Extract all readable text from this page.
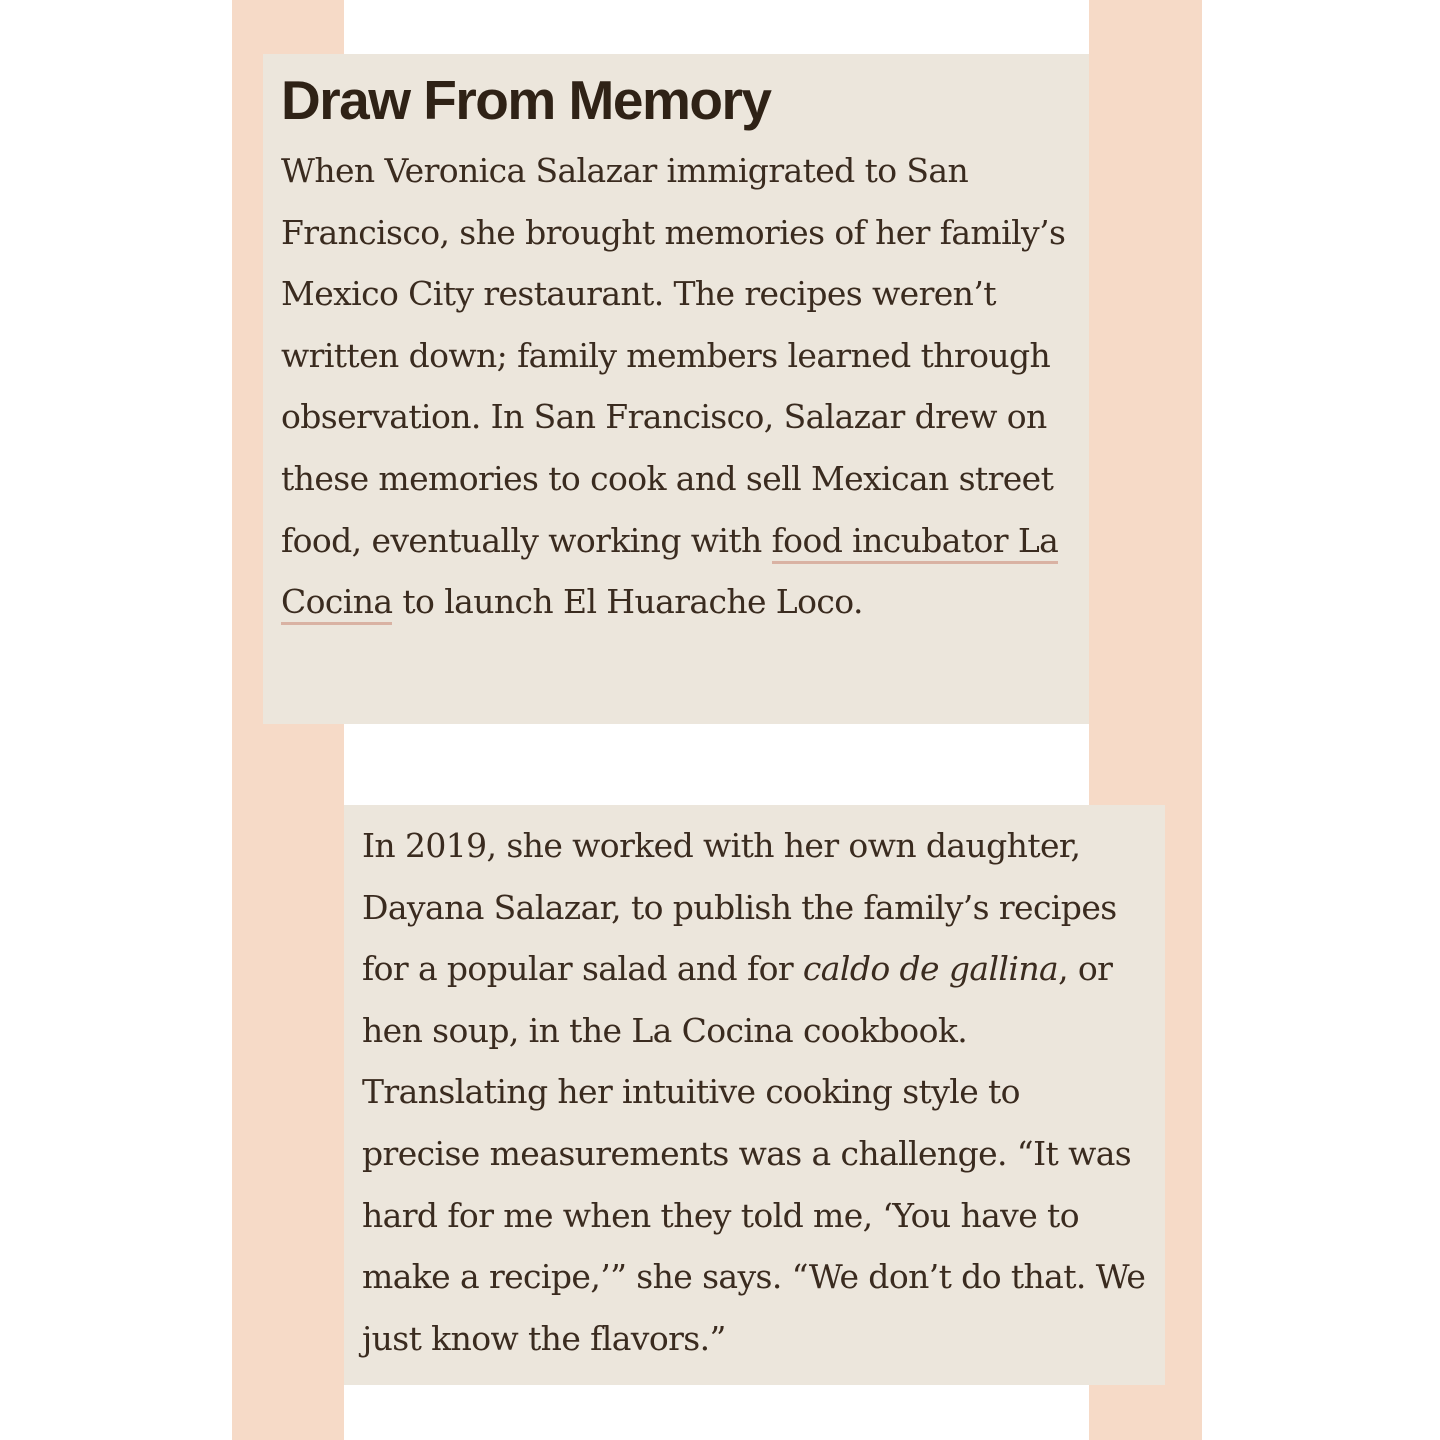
Draw From Memory

When Veronica Salazar immigrated to San Francisco, she brought memories of her family’s Mexico City restaurant. The recipes weren’t written down; family members learned through observation. In San Francisco, Salazar drew on these memories to cook and sell Mexican street food, eventually working with food incubator La Cocina to launch El Huarache Loco.

In 2019, she worked with her own daughter, Dayana Salazar, to publish the family’s recipes for a popular salad and for caldo de gallina, or hen soup, in the La Cocina cookbook. Translating her intuitive cooking style to precise measurements was a challenge. “It was hard for me when they told me, ‘You have to make a recipe,’” she says. “We don’t do that. We just know the flavors.”
